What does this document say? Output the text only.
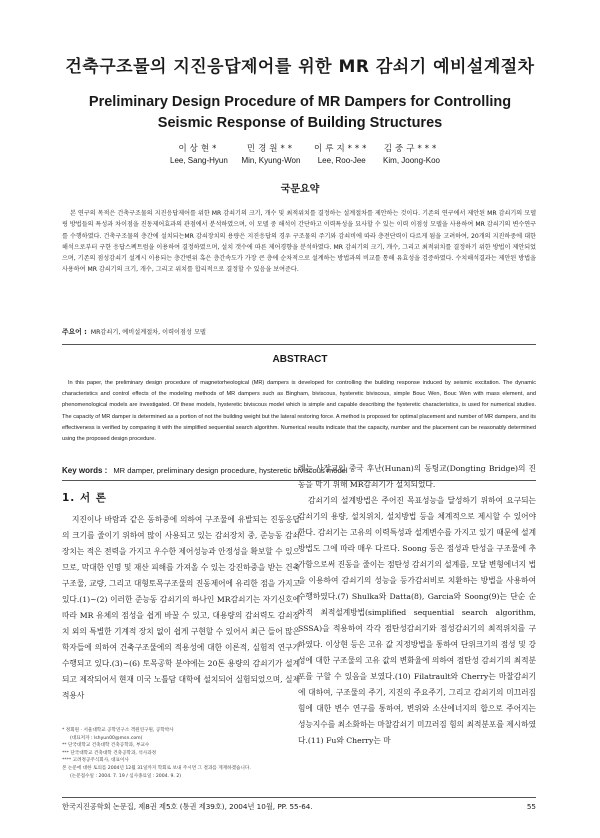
건축구조물의 지진응답제어를 위한 MR 감쇠기 예비설계절차
Preliminary Design Procedure of MR Dampers for Controlling
Seismic Response of Building Structures
이상현*
Lee, Sang-Hyun
민경원**
Min, Kyung-Won
이루지***
Lee, Roo-Jee
김중구***
Kim, Joong-Koo
국문요약

본 연구의 목적은 건축구조물의 지진응답제어를 위한 MR 감쇠기의 크기, 개수 및 최적위치를 결정하는 설계절차를 제안하는 것이다. 기존의 연구에서 제안된 MR 감쇠기의 모델링 방법들의 특성과 차이점을 진동제어효과의 관점에서 분석하였으며, 이 모델 중 해석이 간단하고 이력특성을 묘사할 수 있는 이력 이점성 모델을 사용하여 MR 감쇠기의 변수연구를 수행하였다. 건축구조물의 층간에 설치되는MR 감쇠장치의 용량은 지진응답의 경우 구조물의 주기와 감쇠비에 따라 층전단력이 다르게 됨을 고려하여, 20개의 지진하중에 대한 해석으로부터 구한 응답스펙트럼을 이용하여 결정하였으며, 설치 갯수에 따른 제어경향을 분석하였다. MR 감쇠기의 크기, 개수, 그리고 최적위치를 결정하기 위한 방법이 제안되었으며, 기존의 점성감쇠기 설계시 이용되는 층간변위 혹은 층간속도가 가장 큰 층에 순차적으로 설계하는 방법과의 비교를 통해 유효성을 검증하였다. 수치해석결과는 제안된 방법을 사용하여 MR 감쇠기의 크기, 개수, 그리고 위치를 합리적으로 결정할 수 있음을 보여준다.

주요어 : MR감쇠기, 예비설계절차, 이력이점성 모델
ABSTRACT

In this paper, the preliminary design procedure of magnetorheological (MR) dampers is developed for controlling the building response induced by seismic excitation. The dynamic characteristics and control effects of the modeling methods of MR dampers such as Bingham, biviscous, hysteretic biviscous, simple Bouc Wen, Bouc Wen with mass element, and phenomenological models are investigated. Of these models, hysteretic biviscous model which is simple and capable describing the hysteretic characteristics, is used for numerical studies. The capacity of MR damper is determined as a portion of not the building weight but the lateral restoring force. A method is proposed for optimal placement and number of MR dampers, and its effectiveness is verified by comparing it with the simplified sequential search algorithm. Numerical results indicate that the capacity, number and the placement can be reasonably determined using the proposed design procedure.

Key words : MR damper, preliminary design procedure, hysteretic biviscous model
1. 서 론

지진이나 바람과 같은 동하중에 의하여 구조물에 유발되는 진동응답의 크기를 줄이기 위하여 많이 사용되고 있는 감쇠장치 중, 준능동 감쇠장치는 적은 전력을 가지고 우수한 제어성능과 안정성을 확보할 수 있으므로, 막대한 인명 및 재산 피해를 가져올 수 있는 강진하중을 받는 건축구조물, 교량, 그리고 대형토목구조물의 진동제어에 유리한 점을 가지고 있다.(1)~(2) 이러한 준능동 감쇠기의 하나인 MR감쇠기는 자기신호에 따라 MR 유체의 점성을 쉽게 바꿀 수 있고, 대용량의 감쇠력도 감쇠장치 외의 특별한 기계적 장치 없이 쉽게 구현할 수 있어서 최근 들어 많은 학자들에 의하여 건축구조물에의 적용성에 대한 이론적, 실험적 연구가 수행되고 있다.(3)~(6) 토목공학 분야에는 20톤 용량의 감쇠기가 설계되고 제작되어서 현재 미국 노틀담 대학에 설치되어 실험되었으며, 실제 적용사

례는 사장교인 중국 후난(Hunan)의 동팅교(Dongting Bridge)의 진동을 막기 위해 MR감쇠기가 설치되었다.

감쇠기의 설계방법은 주어진 목표성능을 달성하기 위하여 요구되는 감쇠기의 용량, 설치위치, 설치방법 등을 체계적으로 제시할 수 있어야 한다. 감쇠기는 고유의 이력특성과 설계변수를 가지고 있기 때문에 설계방법도 그에 따라 매우 다르다. Soong 등은 점성과 탄성을 구조물에 추가함으로써 진동을 줄이는 점탄성 감쇠기의 설계를, 모달 변형에너지 법을 이용하여 감쇠기의 성능을 등가감쇠비로 치환하는 방법을 사용하여 수행하였다.(7) Shulka와 Datta(8), Garcia와 Soong(9)는 단순 순차적 최적설계방법(simplified sequential search algorithm, SSSA)을 적용하여 각각 점탄성감쇠기와 점성감쇠기의 최적위치를 구하였다. 이상현 등은 고유 값 지정방법을 통하여 단위크기의 점성 및 강성에 대한 구조물의 고유 값의 변화율에 의하여 점탄성 감쇠기의 최적분포를 구할 수 있음을 보였다.(10) Filatrault와 Cherry는 마찰감쇠기에 대하여, 구조물의 주기, 지진의 주요주기, 그리고 감쇠기의 미끄러짐 힘에 대한 변수 연구를 통하여, 변위와 소산에너지의 합으로 주어지는 성능지수를 최소화하는 마찰감쇠기 미끄러짐 힘의 최적분포를 제시하였다.(11) Fu와 Cherry는 마

* 정회원 · 서울대학교 공학연구소 객원연구원, 공학박사

(대표저자 : lshyun00@msn.com)

** 단국대학교 건축대학 건축공학과, 부교수

*** 단국대학교 건축대학 건축공학과, 석사과정

**** 고려정공주식회사, 대표이사

본 논문에 대한 토의를 2004년 12월 31일까지 학회로 보내 주시면 그 결과를 게재하겠습니다.

(논문접수일 : 2004. 7. 19 / 심사종료일 : 2004. 9. 2)

한국지진공학회 논문집, 제8권 제5호 (통권 제39호), 2004년 10월, PP. 55-64.	55
